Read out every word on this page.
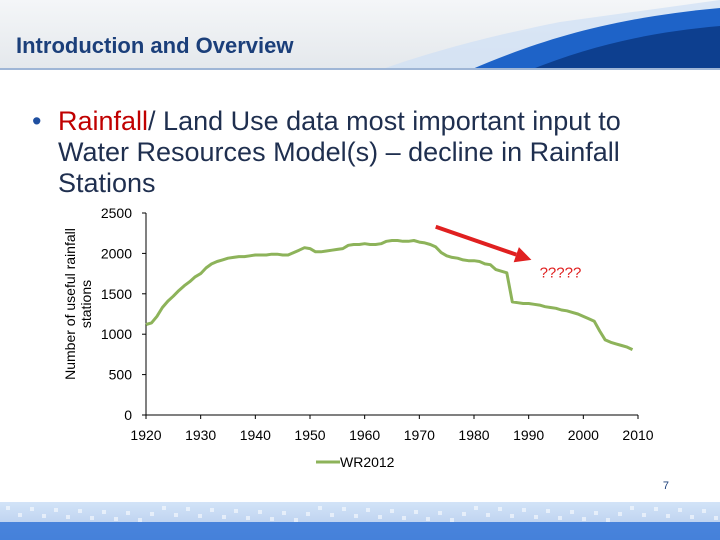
Introduction and Overview
• Rainfall/ Land Use data most important input to
Water Resources Model(s) – decline in Rainfall
Stations
0
500
1000
1500
2000
2500
1920 1930 1940 1950 1960 1970 1980 1990 2000 2010
?????
WR2012
Number of useful rainfallstations
7
